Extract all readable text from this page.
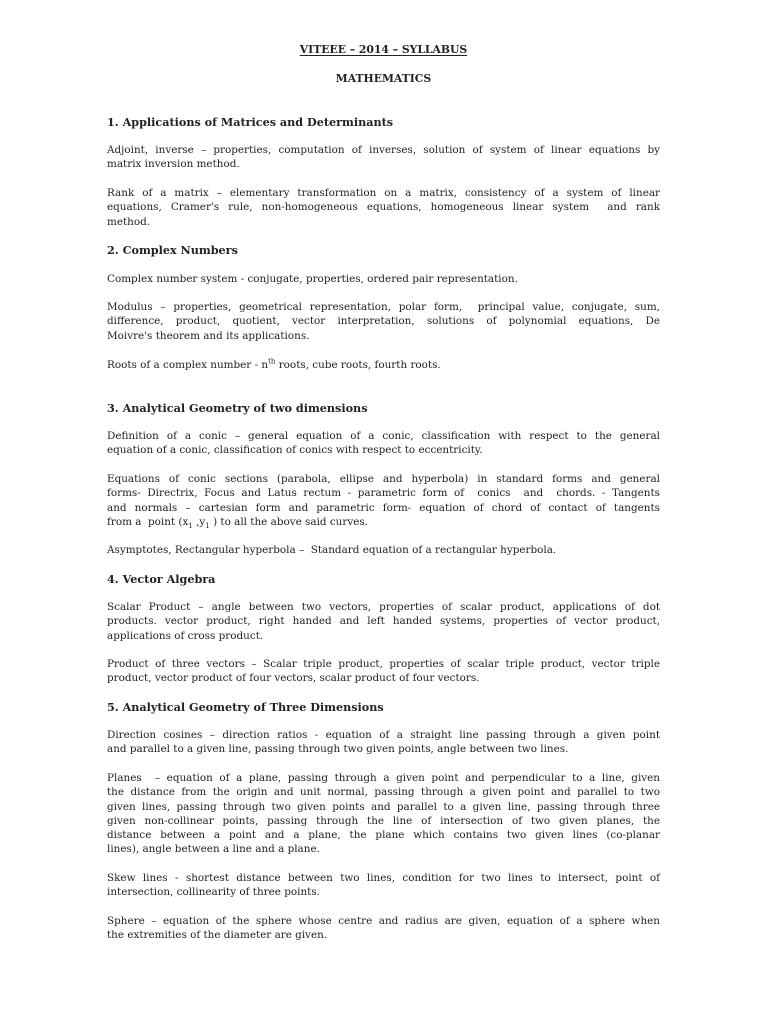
VITEEE – 2014 – SYLLABUS
MATHEMATICS
1. Applications of Matrices and Determinants
Adjoint, inverse – properties, computation of inverses, solution of system of linear equations by
matrix inversion method.
Rank of a matrix – elementary transformation on a matrix, consistency of a system of linear
equations, Cramer's rule, non-homogeneous equations, homogeneous linear system  and rank
method.
2. Complex Numbers
Complex number system - conjugate, properties, ordered pair representation.
Modulus – properties, geometrical representation, polar form,  principal value, conjugate, sum,
difference, product, quotient, vector interpretation, solutions of polynomial equations, De
Moivre's theorem and its applications.
Roots of a complex number - $n^{th}$ roots, cube roots, fourth roots.
3. Analytical Geometry of two dimensions
Definition of a conic – general equation of a conic, classification with respect to the general
equation of a conic, classification of conics with respect to eccentricity.
Equations of conic sections (parabola, ellipse and hyperbola) in standard forms and general
forms- Directrix, Focus and Latus rectum - parametric form of  conics  and  chords. - Tangents
and normals – cartesian form and parametric form- equation of chord of contact of tangents
from a  point ($x_1$ $,y_1$ ) to all the above said curves.
Asymptotes, Rectangular hyperbola –  Standard equation of a rectangular hyperbola.
4. Vector Algebra
Scalar Product – angle between two vectors, properties of scalar product, applications of dot
products. vector product, right handed and left handed systems, properties of vector product,
applications of cross product.
Product of three vectors – Scalar triple product, properties of scalar triple product, vector triple
product, vector product of four vectors, scalar product of four vectors.
5. Analytical Geometry of Three Dimensions
Direction cosines – direction ratios - equation of a straight line passing through a given point
and parallel to a given line, passing through two given points, angle between two lines.
Planes  – equation of a plane, passing through a given point and perpendicular to a line, given
the distance from the origin and unit normal, passing through a given point and parallel to two
given lines, passing through two given points and parallel to a given line, passing through three
given non-collinear points, passing through the line of intersection of two given planes, the
distance between a point and a plane, the plane which contains two given lines (co-planar
lines), angle between a line and a plane.
Skew lines - shortest distance between two lines, condition for two lines to intersect, point of
intersection, collinearity of three points.
Sphere – equation of the sphere whose centre and radius are given, equation of a sphere when
the extremities of the diameter are given.
